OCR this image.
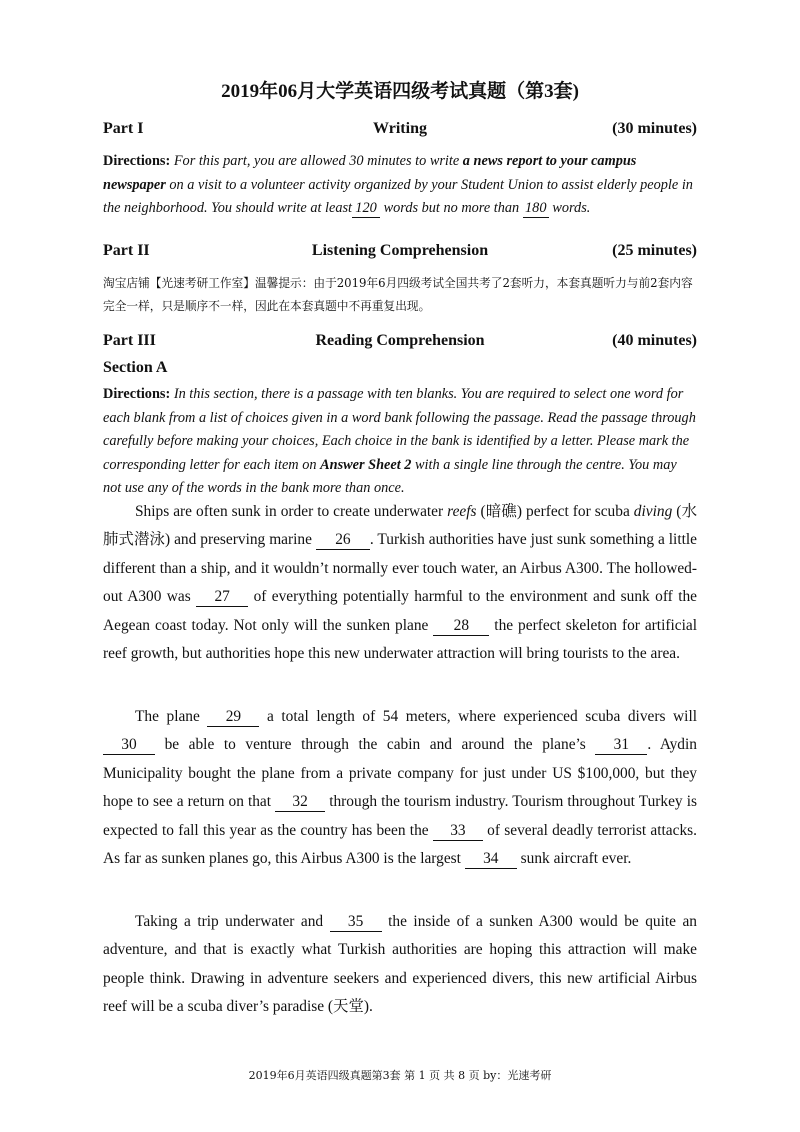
2019年06月大学英语四级考试真题（第3套)
Part I	Writing	(30 minutes)
Directions: For this part, you are allowed 30 minutes to write a news report to your campus newspaper on a visit to a volunteer activity organized by your Student Union to assist elderly people in the neighborhood. You should write at least 120 words but no more than 180 words.
Part II	Listening Comprehension	(25 minutes)
淘宝店铺【光速考研工作室】温馨提示：由于2019年6月四级考试全国共考了2套听力，本套真题听力与前2套内容完全一样，只是顺序不一样，因此在本套真题中不再重复出现。
Part III	Reading Comprehension	(40 minutes)
Section A
Directions: In this section, there is a passage with ten blanks. You are required to select one word for each blank from a list of choices given in a word bank following the passage. Read the passage through carefully before making your choices, Each choice in the bank is identified by a letter. Please mark the corresponding letter for each item on Answer Sheet 2 with a single line through the centre. You may not use any of the words in the bank more than once.

Ships are often sunk in order to create underwater reefs (暗礁) perfect for scuba diving (水肺式潜泳) and preserving marine 26 . Turkish authorities have just sunk something a little different than a ship, and it wouldn’t normally ever touch water, an Airbus A300. The hollowed-out A300 was 27 of everything potentially harmful to the environment and sunk off the Aegean coast today. Not only will the sunken plane 28 the perfect skeleton for artificial reef growth, but authorities hope this new underwater attraction will bring tourists to the area.

The plane 29 a total length of 54 meters, where experienced scuba divers will 30 be able to venture through the cabin and around the plane’s 31 . Aydin Municipality bought the plane from a private company for just under US $100,000, but they hope to see a return on that 32 through the tourism industry. Tourism throughout Turkey is expected to fall this year as the country has been the 33 of several deadly terrorist attacks. As far as sunken planes go, this Airbus A300 is the largest 34 sunk aircraft ever.

Taking a trip underwater and 35 the inside of a sunken A300 would be quite an adventure, and that is exactly what Turkish authorities are hoping this attraction will make people think. Drawing in adventure seekers and experienced divers, this new artificial Airbus reef will be a scuba diver’s paradise (天堂).

2019年6月英语四级真题第3套 第 1 页 共 8 页 by：光速考研
